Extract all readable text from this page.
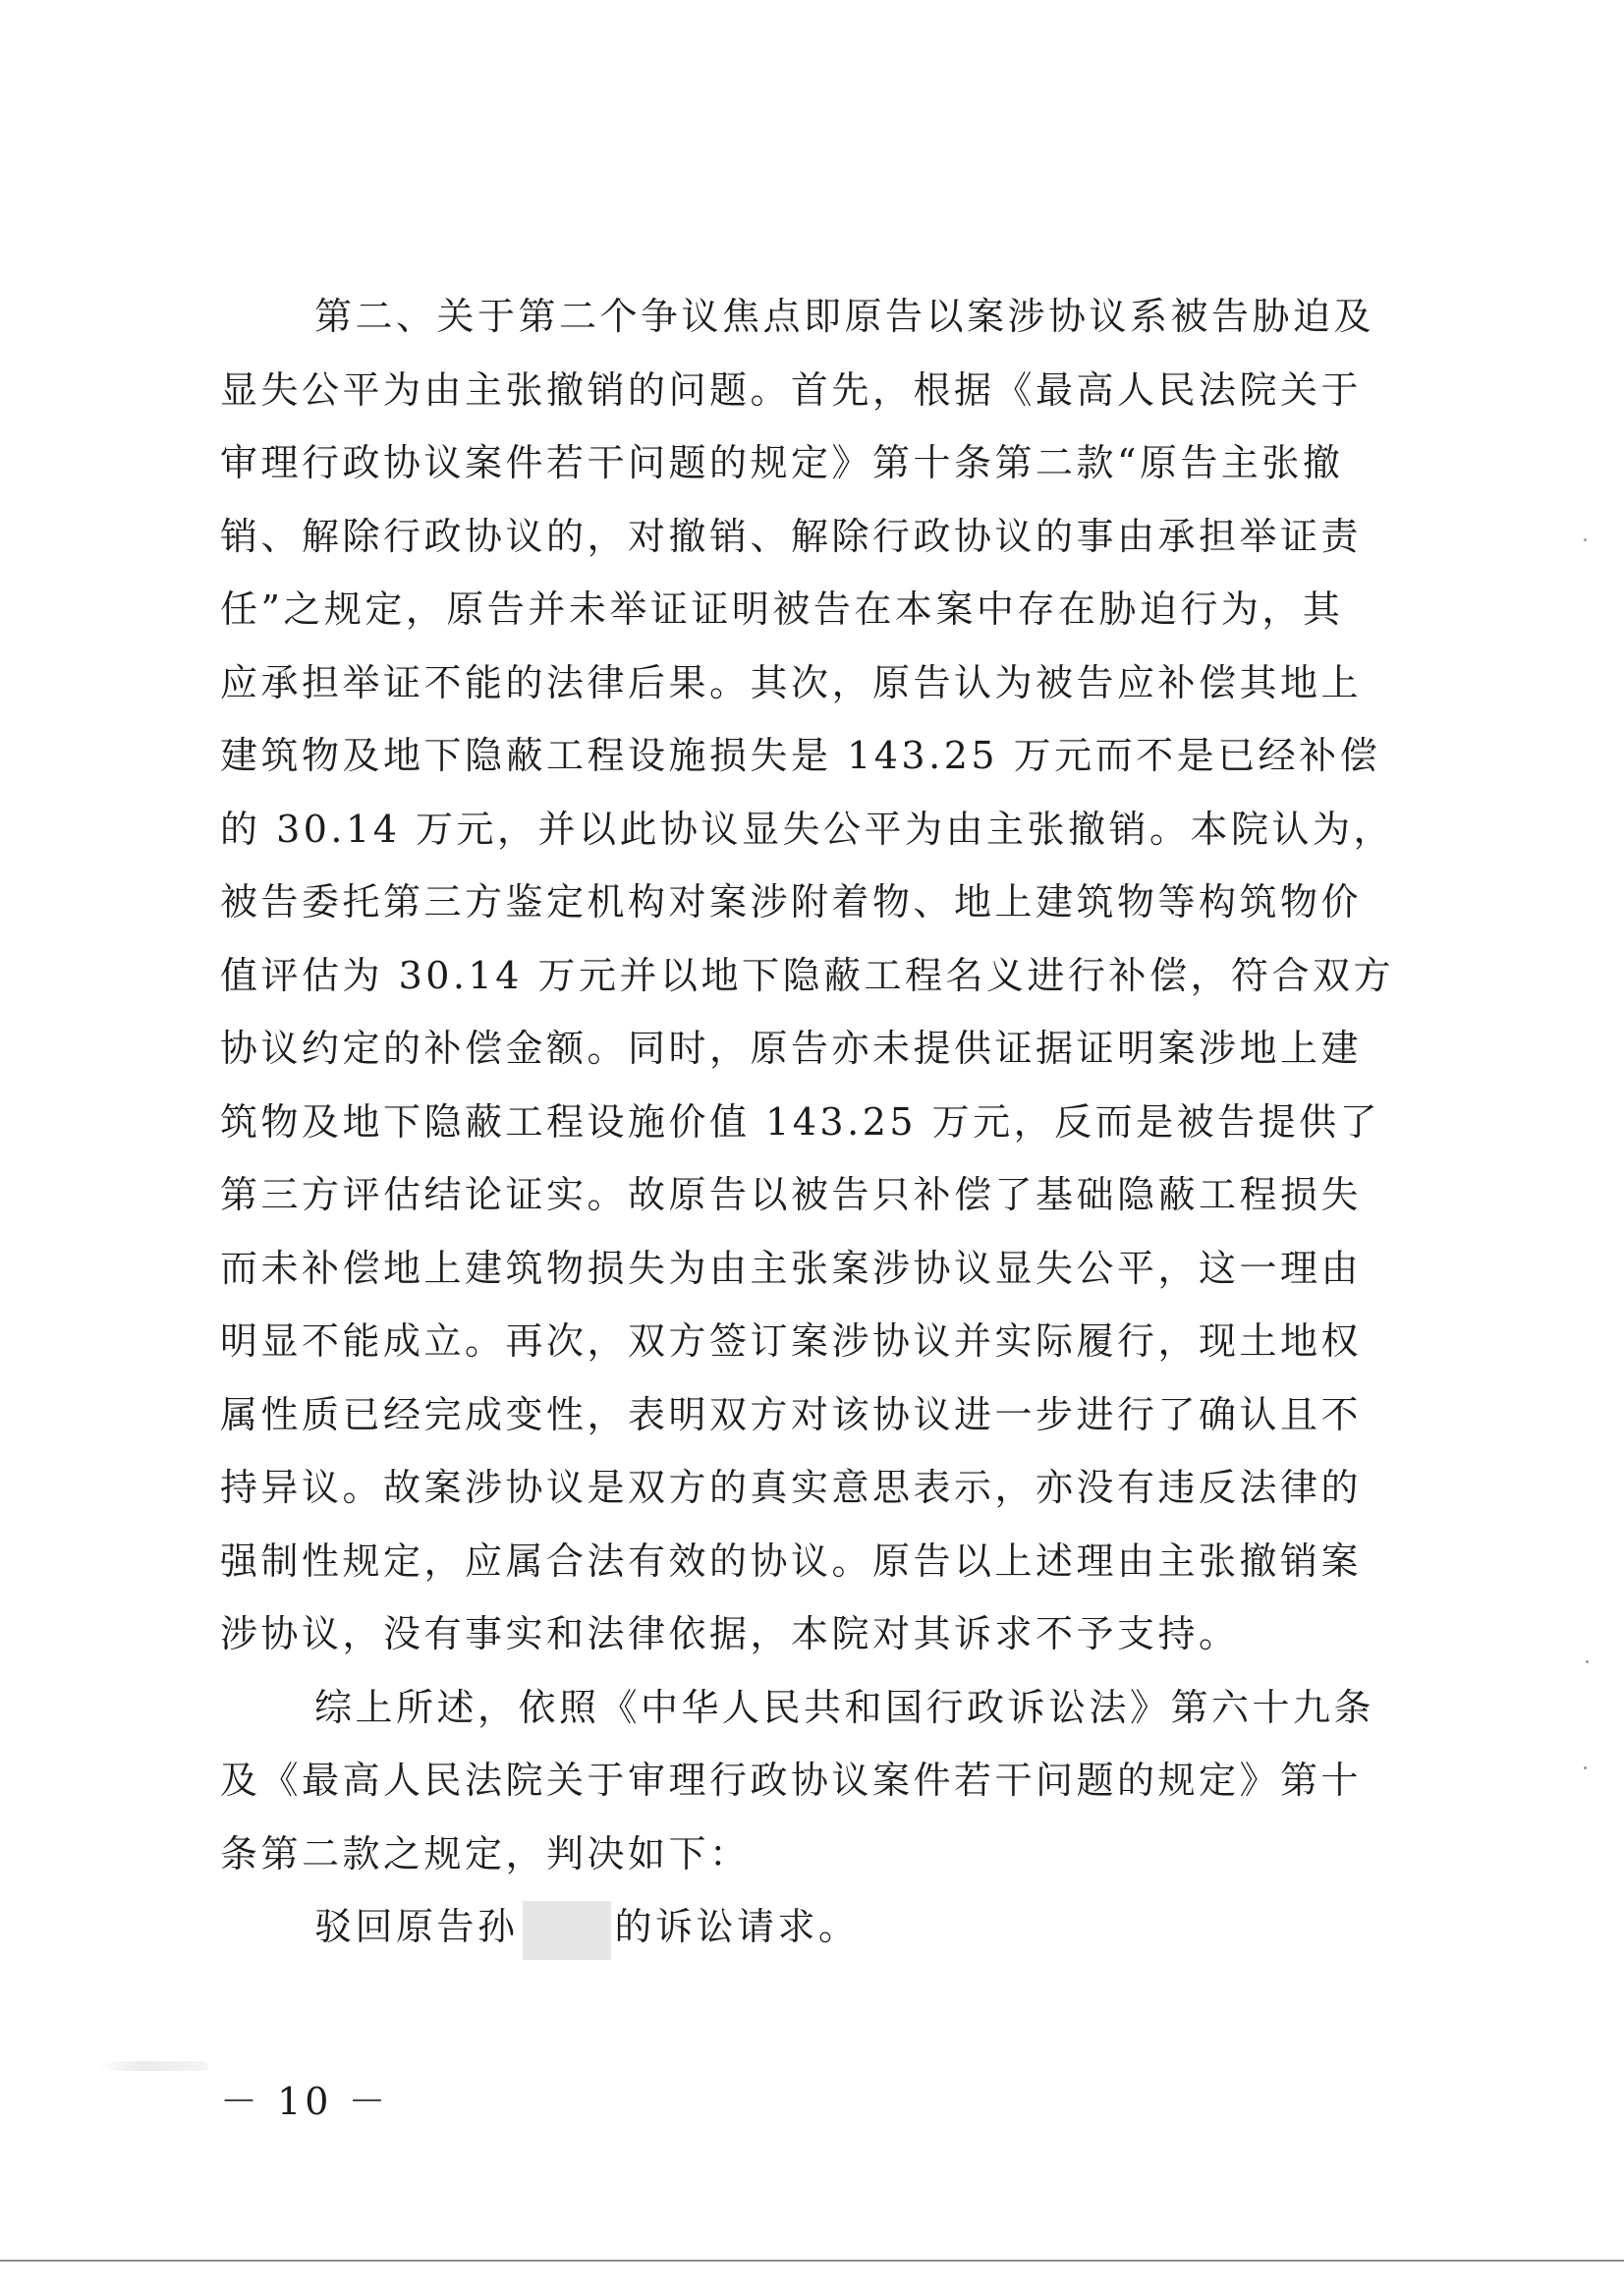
第二、关于第二个争议焦点即原告以案涉协议系被告胁迫及
显失公平为由主张撤销的问题。首先，根据《最高人民法院关于
审理行政协议案件若干问题的规定》第十条第二款“原告主张撤
销、解除行政协议的，对撤销、解除行政协议的事由承担举证责
任”之规定，原告并未举证证明被告在本案中存在胁迫行为，其
应承担举证不能的法律后果。其次，原告认为被告应补偿其地上
建筑物及地下隐蔽工程设施损失是 143.25 万元而不是已经补偿
的 30.14 万元，并以此协议显失公平为由主张撤销。本院认为，
被告委托第三方鉴定机构对案涉附着物、地上建筑物等构筑物价
值评估为 30.14 万元并以地下隐蔽工程名义进行补偿，符合双方
协议约定的补偿金额。同时，原告亦未提供证据证明案涉地上建
筑物及地下隐蔽工程设施价值 143.25 万元，反而是被告提供了
第三方评估结论证实。故原告以被告只补偿了基础隐蔽工程损失
而未补偿地上建筑物损失为由主张案涉协议显失公平，这一理由
明显不能成立。再次，双方签订案涉协议并实际履行，现土地权
属性质已经完成变性，表明双方对该协议进一步进行了确认且不
持异议。故案涉协议是双方的真实意思表示，亦没有违反法律的
强制性规定，应属合法有效的协议。原告以上述理由主张撤销案
涉协议，没有事实和法律依据，本院对其诉求不予支持。
综上所述，依照《中华人民共和国行政诉讼法》第六十九条
及《最高人民法院关于审理行政协议案件若干问题的规定》第十
条第二款之规定，判决如下：
驳回原告孙	的诉讼请求。
－ 10 －
